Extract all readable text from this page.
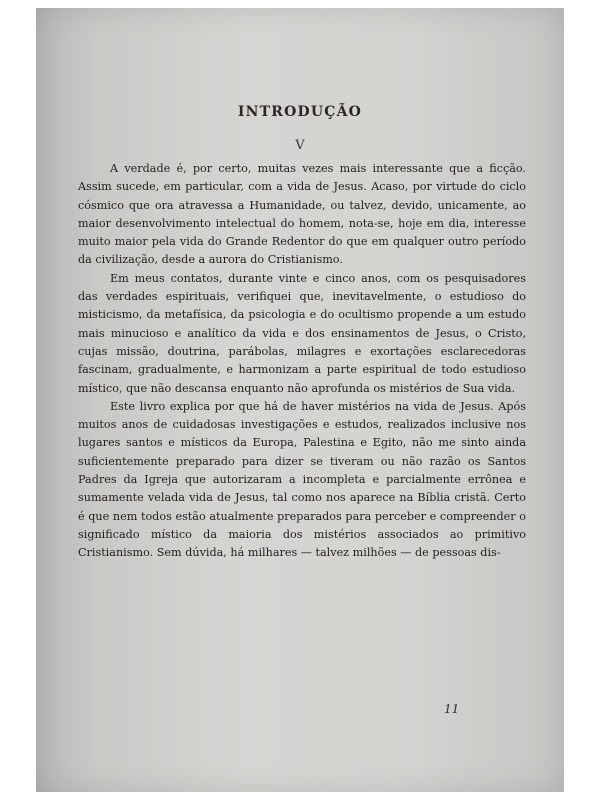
INTRODUÇÃO
V

A verdade é, por certo, muitas vezes mais interessante que a ficção. Assim sucede, em particular, com a vida de Jesus. Acaso, por virtude do ciclo cósmico que ora atravessa a Humanidade, ou talvez, devido, unicamente, ao maior desenvolvimento intelectual do homem, nota-se, hoje em dia, interesse muito maior pela vida do Grande Redentor do que em qualquer outro período da civilização, desde a aurora do Cristianismo.

Em meus contatos, durante vinte e cinco anos, com os pesquisadores das verdades espirituais, verifiquei que, inevitavelmente, o estudioso do misticismo, da metafísica, da psicologia e do ocultismo propende a um estudo mais minucioso e analítico da vida e dos ensinamentos de Jesus, o Cristo, cujas missão, doutrina, parábolas, milagres e exortações esclarecedoras fascinam, gradualmente, e harmonizam a parte espiritual de todo estudioso místico, que não descansa enquanto não aprofunda os mistérios de Sua vida.

Este livro explica por que há de haver mistérios na vida de Jesus. Após muitos anos de cuidadosas investigações e estudos, realizados inclusive nos lugares santos e místicos da Europa, Palestina e Egito, não me sinto ainda suficientemente preparado para dizer se tiveram ou não razão os Santos Padres da Igreja que autorizaram a incompleta e parcialmente errônea e sumamente velada vida de Jesus, tal como nos aparece na Bíblia cristã. Certo é que nem todos estão atualmente preparados para perceber e compreender o significado místico da maioria dos mistérios associados ao primitivo Cristianismo. Sem dúvida, há milhares — talvez milhões — de pessoas dis-

11
